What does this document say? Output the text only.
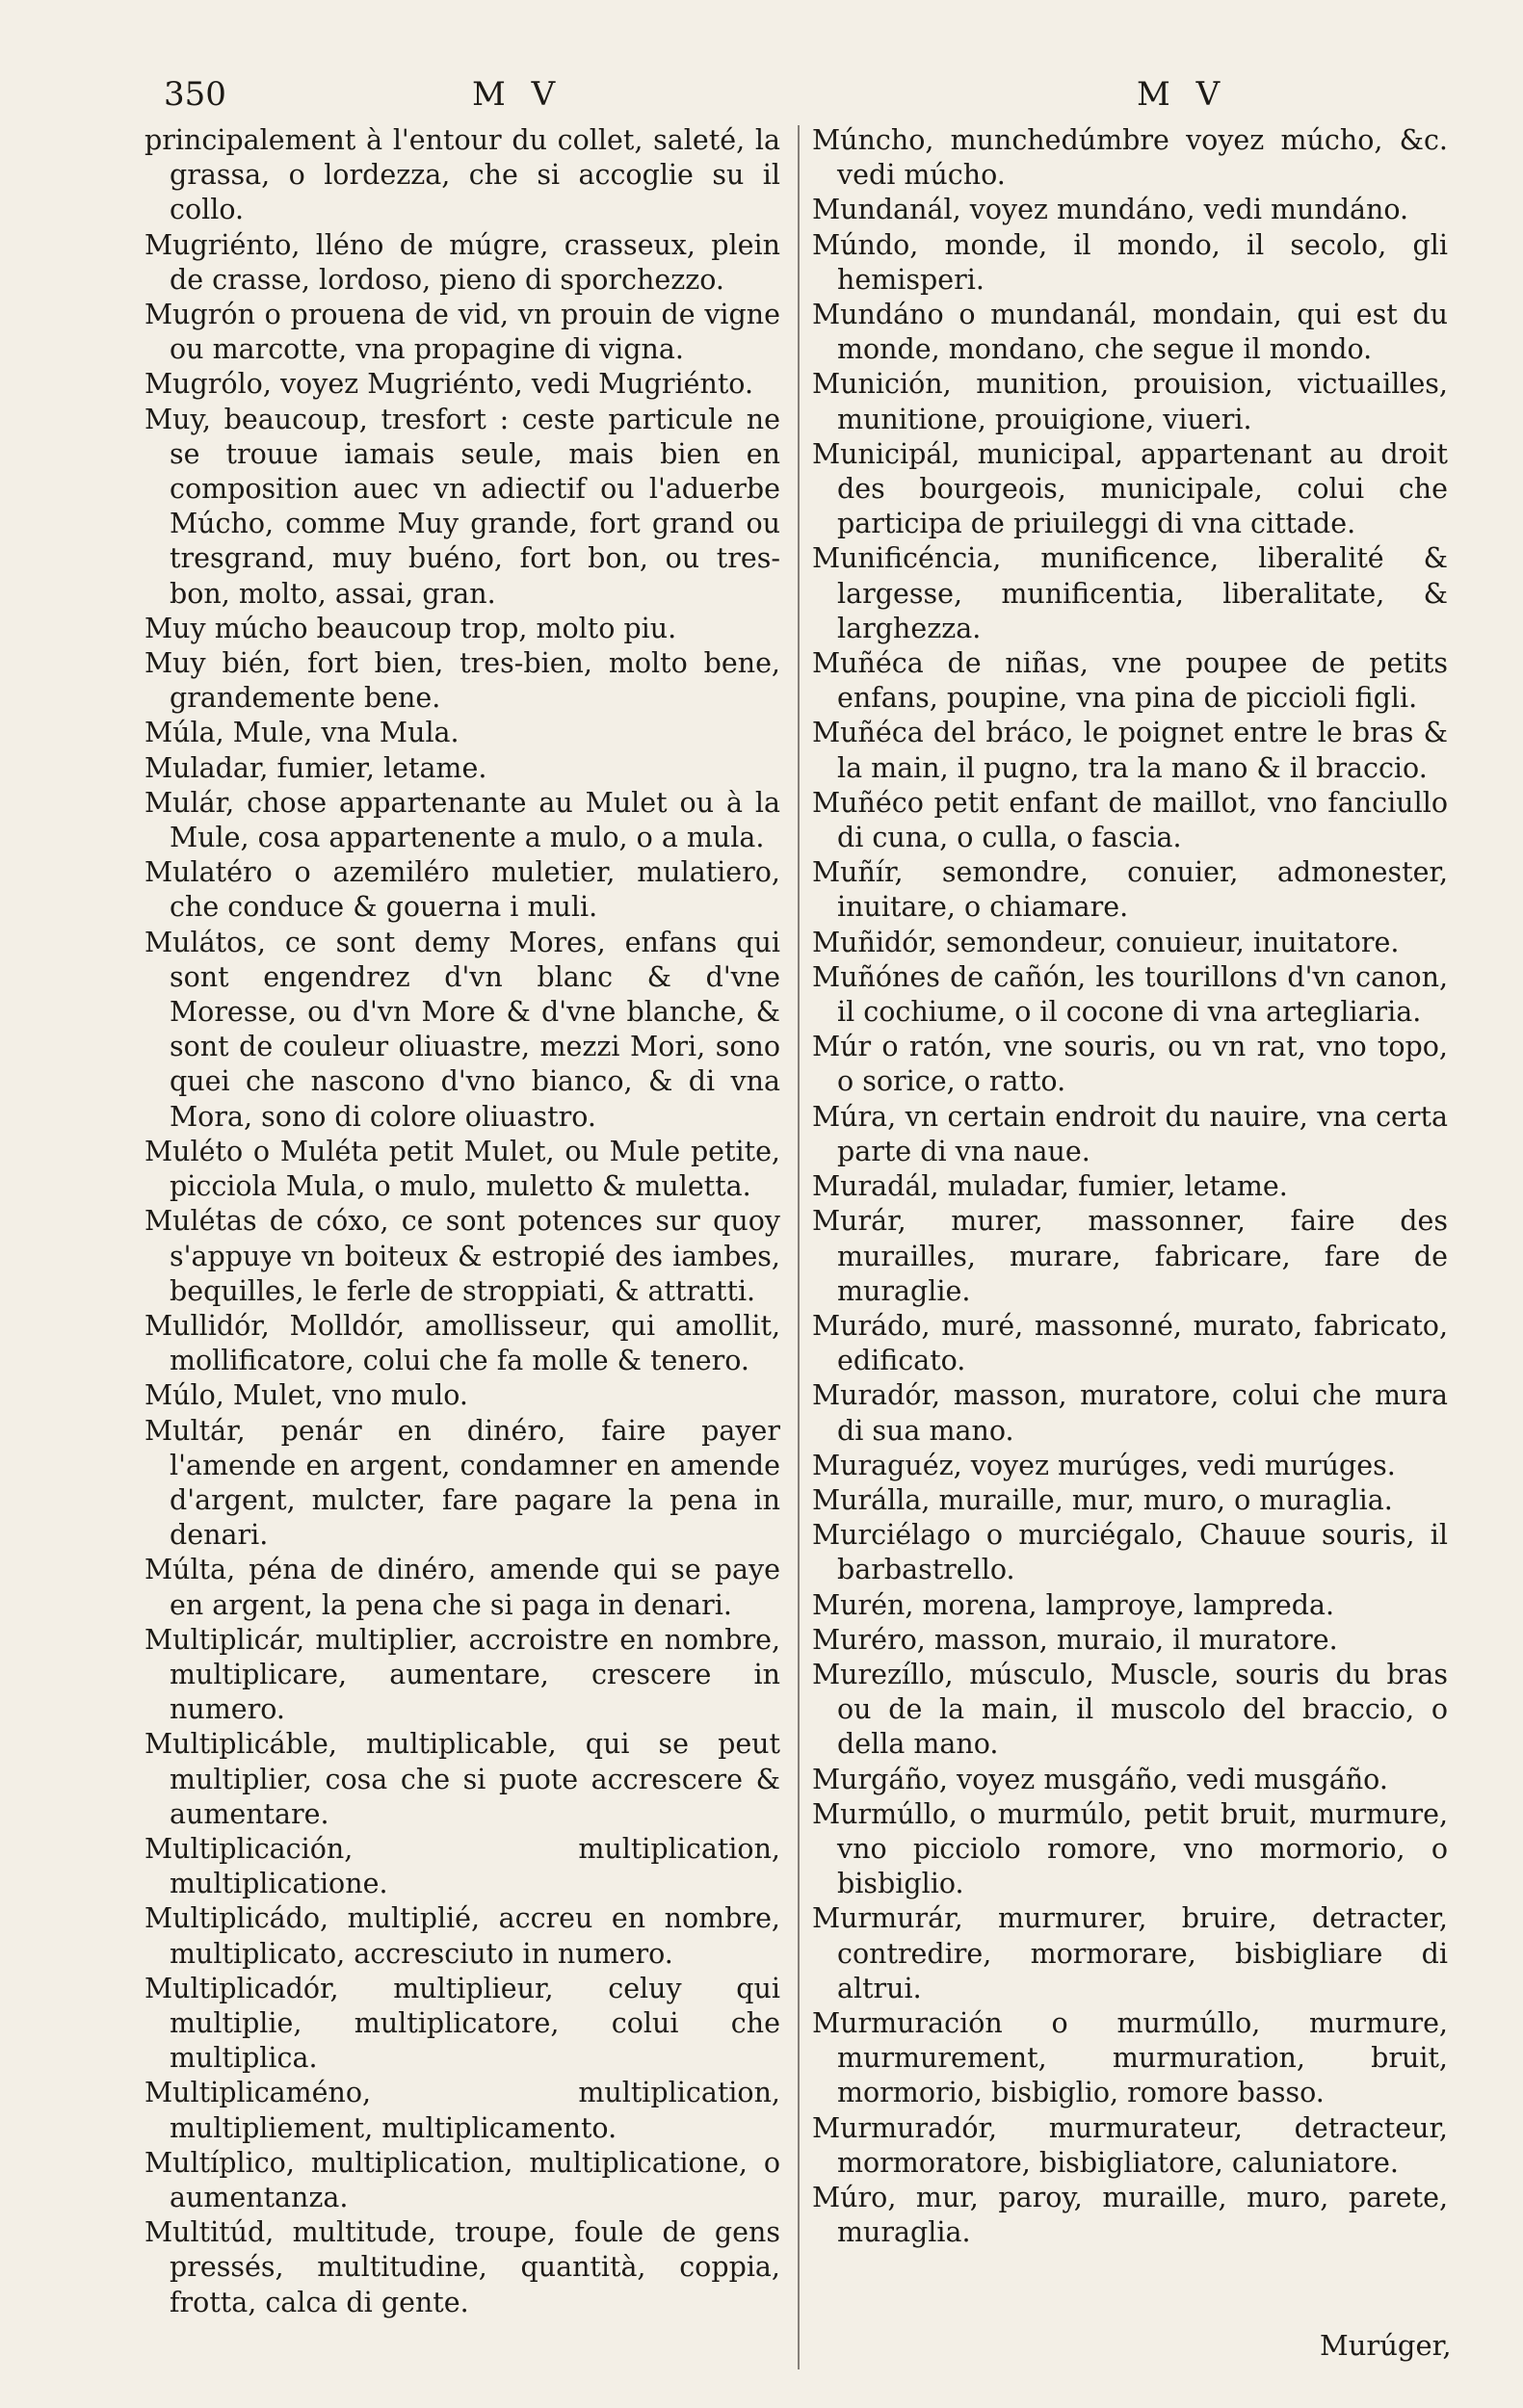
350	M V	M V

principalement à l'entour du collet, saleté, la grassa, o lordezza, che si accoglie su il collo.

Mugriénto, lléno de múgre, crasseux, plein de crasse, lordoso, pieno di sporchezzo.

Mugrón o prouena de vid, vn prouin de vigne ou marcotte, vna propagine di vigna.

Mugrólo, voyez Mugriénto, vedi Mugriénto.

Muy, beaucoup, tresfort : ceste particule ne se trouue iamais seule, mais bien en composition auec vn adiectif ou l'aduerbe Múcho, comme Muy grande, fort grand ou tresgrand, muy buéno, fort bon, ou tres-bon, molto, assai, gran.

Muy múcho beaucoup trop, molto piu.

Muy bién, fort bien, tres-bien, molto bene, grandemente bene.

Múla, Mule, vna Mula.

Muladar, fumier, letame.

Mulár, chose appartenante au Mulet ou à la Mule, cosa appartenente a mulo, o a mula.

Mulatéro o azemiléro muletier, mulatiero, che conduce & gouerna i muli.

Mulátos, ce sont demy Mores, enfans qui sont engendrez d'vn blanc & d'vne Moresse, ou d'vn More & d'vne blanche, & sont de couleur oliuastre, mezzi Mori, sono quei che nascono d'vno bianco, & di vna Mora, sono di colore oliuastro.

Muléto o Muléta petit Mulet, ou Mule petite, picciola Mula, o mulo, muletto & muletta.

Mulétas de cóxo, ce sont potences sur quoy s'appuye vn boiteux & estropié des iambes, bequilles, le ferle de stroppiati, & attratti.

Mullidór, Molldór, amollisseur, qui amollit, mollificatore, colui che fa molle & tenero.

Múlo, Mulet, vno mulo.

Multár, penár en dinéro, faire payer l'amende en argent, condamner en amende d'argent, mulcter, fare pagare la pena in denari.

Múlta, péna de dinéro, amende qui se paye en argent, la pena che si paga in denari.

Multiplicár, multiplier, accroistre en nombre, multiplicare, aumentare, crescere in numero.

Multiplicáble, multiplicable, qui se peut multiplier, cosa che si puote accrescere & aumentare.

Multiplicación, multiplication, multiplicatione.

Multiplicádo, multiplié, accreu en nombre, multiplicato, accresciuto in numero.

Multiplicadór, multiplieur, celuy qui multiplie, multiplicatore, colui che multiplica.

Multiplicaméno, multiplication, multipliement, multiplicamento.

Multíplico, multiplication, multiplicatione, o aumentanza.

Multitúd, multitude, troupe, foule de gens pressés, multitudine, quantità, coppia, frotta, calca di gente.

Múncho, munchedúmbre voyez múcho, &c. vedi múcho.

Mundanál, voyez mundáno, vedi mundáno.

Múndo, monde, il mondo, il secolo, gli hemisperi.

Mundáno o mundanál, mondain, qui est du monde, mondano, che segue il mondo.

Munición, munition, prouision, victuailles, munitione, prouigione, viueri.

Municipál, municipal, appartenant au droit des bourgeois, municipale, colui che participa de priuileggi di vna cittade.

Munificéncia, munificence, liberalité & largesse, munificentia, liberalitate, & larghezza.

Muñéca de niñas, vne poupee de petits enfans, poupine, vna pina de piccioli figli.

Muñéca del bráco, le poignet entre le bras & la main, il pugno, tra la mano & il braccio.

Muñéco petit enfant de maillot, vno fanciullo di cuna, o culla, o fascia.

Muñír, semondre, conuier, admonester, inuitare, o chiamare.

Muñidór, semondeur, conuieur, inuitatore.

Muñónes de cañón, les tourillons d'vn canon, il cochiume, o il cocone di vna artegliaria.

Múr o ratón, vne souris, ou vn rat, vno topo, o sorice, o ratto.

Múra, vn certain endroit du nauire, vna certa parte di vna naue.

Muradál, muladar, fumier, letame.

Murár, murer, massonner, faire des murailles, murare, fabricare, fare de muraglie.

Murádo, muré, massonné, murato, fabricato, edificato.

Muradór, masson, muratore, colui che mura di sua mano.

Muraguéz, voyez murúges, vedi murúges.

Murálla, muraille, mur, muro, o muraglia.

Murciélago o murciégalo, Chauue souris, il barbastrello.

Murén, morena, lamproye, lampreda.

Muréro, masson, muraio, il muratore.

Murezíllo, músculo, Muscle, souris du bras ou de la main, il muscolo del braccio, o della mano.

Murgáño, voyez musgáño, vedi musgáño.

Murmúllo, o murmúlo, petit bruit, murmure, vno picciolo romore, vno mormorio, o bisbiglio.

Murmurár, murmurer, bruire, detracter, contredire, mormorare, bisbigliare di altrui.

Murmuración o murmúllo, murmure, murmurement, murmuration, bruit, mormorio, bisbiglio, romore basso.

Murmuradór, murmurateur, detracteur, mormoratore, bisbigliatore, caluniatore.

Múro, mur, paroy, muraille, muro, parete, muraglia.

Murúger,
